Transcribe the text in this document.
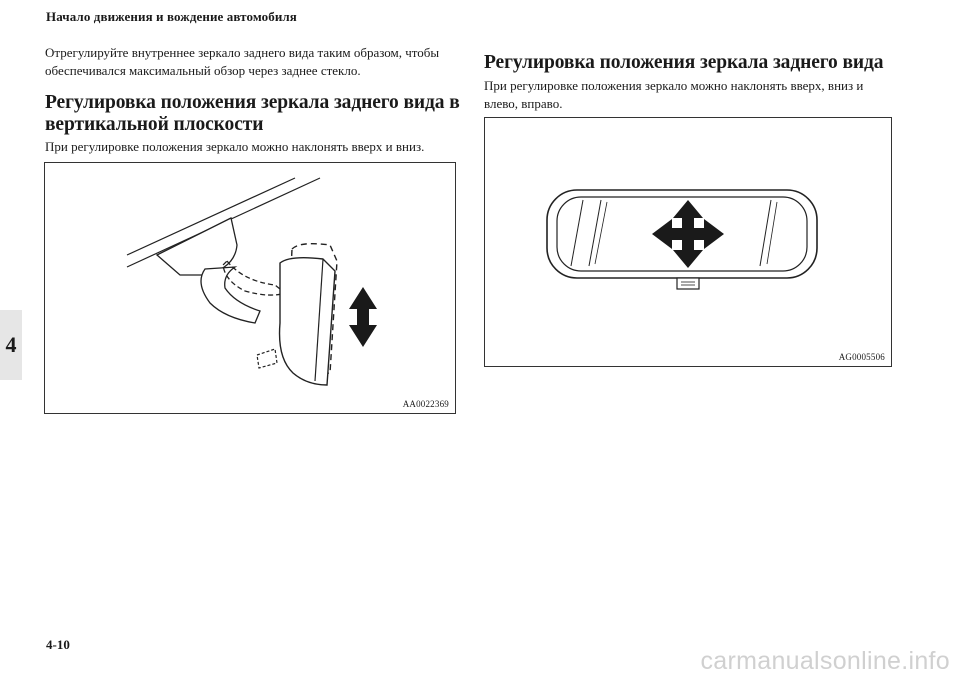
Начало движения и вождение автомобиля
4

Отрегулируйте внутреннее зеркало заднего вида таким образом, чтобы обеспечивался максимальный обзор через заднее стекло.

Регулировка положения зеркала заднего вида в вертикальной плоскости

При регулировке положения зеркало можно наклонять вверх и вниз.

AA0022369
Регулировка положения зеркала заднего вида

При регулировке положения зеркало можно наклонять вверх, вниз и влево, вправо.

AG0005506
4-10
carmanualsonline.info
